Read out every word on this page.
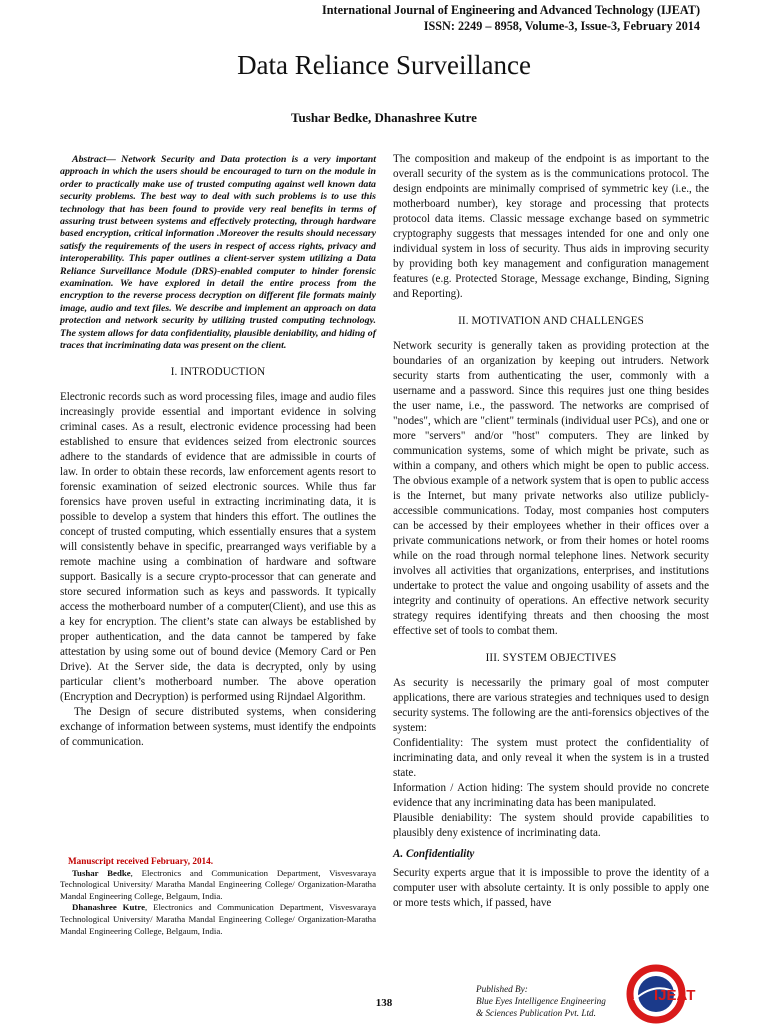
International Journal of Engineering and Advanced Technology (IJEAT)
ISSN: 2249 – 8958, Volume-3, Issue-3, February 2014
Data Reliance Surveillance
Tushar Bedke, Dhanashree Kutre

Abstract— Network Security and Data protection is a very important approach in which the users should be encouraged to turn on the module in order to practically make use of trusted computing against well known data security problems. The best way to deal with such problems is to use this technology that has been found to provide very real benefits in terms of assuring trust between systems and effectively protecting, through hardware based encryption, critical information .Moreover the results should necessary satisfy the requirements of the users in respect of access rights, privacy and interoperability. This paper outlines a client-server system utilizing a Data Reliance Surveillance Module (DRS)-enabled computer to hinder forensic examination. We have explored in detail the entire process from the encryption to the reverse process decryption on different file formats mainly image, audio and text files. We describe and implement an approach on data protection and network security by utilizing trusted computing technology. The system allows for data confidentiality, plausible deniability, and hiding of traces that incriminating data was present on the client.

I. INTRODUCTION

Electronic records such as word processing files, image and audio files increasingly provide essential and important evidence in solving criminal cases. As a result, electronic evidence processing had been established to ensure that evidences seized from electronic sources adhere to the standards of evidence that are admissible in courts of law. In order to obtain these records, law enforcement agents resort to forensic examination of seized electronic sources. While thus far forensics have proven useful in extracting incriminating data, it is possible to develop a system that hinders this effort. The outlines the concept of trusted computing, which essentially ensures that a system will consistently behave in specific, prearranged ways verifiable by a remote machine using a combination of hardware and software support. Basically is a secure crypto-processor that can generate and store secured information such as keys and passwords. It typically access the motherboard number of a computer(Client), and use this as a key for encryption. The client’s state can always be established by proper authentication, and the data cannot be tampered by fake attestation by using some out of bound device (Memory Card or Pen Drive). At the Server side, the data is decrypted, only by using particular client’s motherboard number. The above operation (Encryption and Decryption) is performed using Rijndael Algorithm.

The Design of secure distributed systems, when considering exchange of information between systems, must identify the endpoints of communication.

The composition and makeup of the endpoint is as important to the overall security of the system as is the communications protocol. The design endpoints are minimally comprised of symmetric key (i.e., the motherboard number), key storage and processing that protects protocol data items. Classic message exchange based on symmetric cryptography suggests that messages intended for one and only one individual system in loss of security. Thus aids in improving security by providing both key management and configuration management features (e.g. Protected Storage, Message exchange, Binding, Signing and Reporting).

II. MOTIVATION AND CHALLENGES

Network security is generally taken as providing protection at the boundaries of an organization by keeping out intruders. Network security starts from authenticating the user, commonly with a username and a password. Since this requires just one thing besides the user name, i.e., the password. The networks are comprised of "nodes", which are "client" terminals (individual user PCs), and one or more "servers" and/or "host" computers. They are linked by communication systems, some of which might be private, such as within a company, and others which might be open to public access. The obvious example of a network system that is open to public access is the Internet, but many private networks also utilize publicly-accessible communications. Today, most companies host computers can be accessed by their employees whether in their offices over a private communications network, or from their homes or hotel rooms while on the road through normal telephone lines. Network security involves all activities that organizations, enterprises, and institutions undertake to protect the value and ongoing usability of assets and the integrity and continuity of operations. An effective network security strategy requires identifying threats and then choosing the most effective set of tools to combat them.

III. SYSTEM OBJECTIVES

As security is necessarily the primary goal of most computer applications, there are various strategies and techniques used to design security systems. The following are the anti-forensics objectives of the system:

Confidentiality: The system must protect the confidentiality of incriminating data, and only reveal it when the system is in a trusted state.

Information / Action hiding: The system should provide no concrete evidence that any incriminating data has been manipulated.

Plausible deniability: The system should provide capabilities to plausibly deny existence of incriminating data.

A. Confidentiality

Security experts argue that it is impossible to prove the identity of a computer user with absolute certainty. It is only possible to apply one or more tests which, if passed, have

Manuscript received February, 2014.

Tushar Bedke, Electronics and Communication Department, Visvesvaraya Technological University/ Maratha Mandal Engineering College/ Organization-Maratha Mandal Engineering College, Belgaum, India.

Dhanashree Kutre, Electronics and Communication Department, Visvesvaraya Technological University/ Maratha Mandal Engineering College/ Organization-Maratha Mandal Engineering College, Belgaum, India.

138
Published By:
Blue Eyes Intelligence Engineering
& Sciences Publication Pvt. Ltd.
IJEAT
